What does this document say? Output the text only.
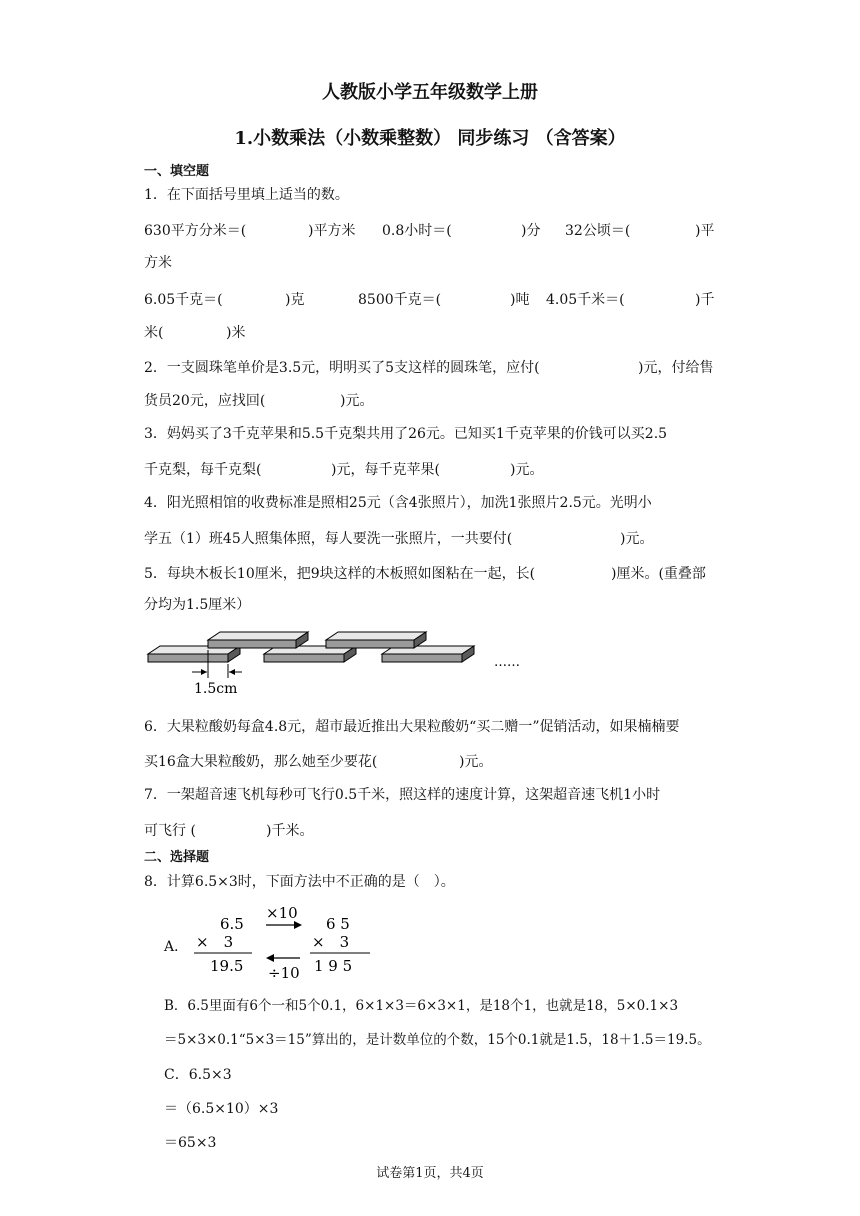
人教版小学五年级数学上册
1.小数乘法（小数乘整数） 同步练习 （含答案）
一、填空题
1．在下面括号里填上适当的数。
630平方分米＝(	)平方米 0.8小时＝(	)分 32公顷＝(	)平
方米
6.05千克＝(	)克	8500千克＝(	)吨 4.05千米＝(	)千
米(	)米
2．一支圆珠笔单价是3.5元，明明买了5支这样的圆珠笔，应付(	)元，付给售
货员20元，应找回(	)元。
3．妈妈买了3千克苹果和5.5千克梨共用了26元。已知买1千克苹果的价钱可以买2.5
千克梨，每千克梨(	)元，每千克苹果(	)元。
4．阳光照相馆的收费标准是照相25元（含4张照片），加洗1张照片2.5元。光明小
学五（1）班45人照集体照，每人要洗一张照片，一共要付(	)元。
5．每块木板长10厘米，把9块这样的木板照如图粘在一起，长(	)厘米。(重叠部
分均为1.5厘米）
1.5cm
……
6．大果粒酸奶每盒4.8元，超市最近推出大果粒酸奶“买二赠一”促销活动，如果楠楠要
买16盒大果粒酸奶，那么她至少要花(	)元。
7．一架超音速飞机每秒可飞行0.5千米，照这样的速度计算，这架超音速飞机1小时
可飞行 (	)千米。
二、选择题
8．计算6.5×3时，下面方法中不正确的是（　）。
A．
6.5
×　3
19.5
×10
÷10
6 5
×　3
1 9 5
B．6.5里面有6个一和5个0.1，6×1×3＝6×3×1，是18个1，也就是18，5×0.1×3
＝5×3×0.1“5×3＝15”算出的，是计数单位的个数，15个0.1就是1.5，18＋1.5＝19.5。
C．6.5×3
＝（6.5×10）×3
＝65×3
试卷第1页，共4页
